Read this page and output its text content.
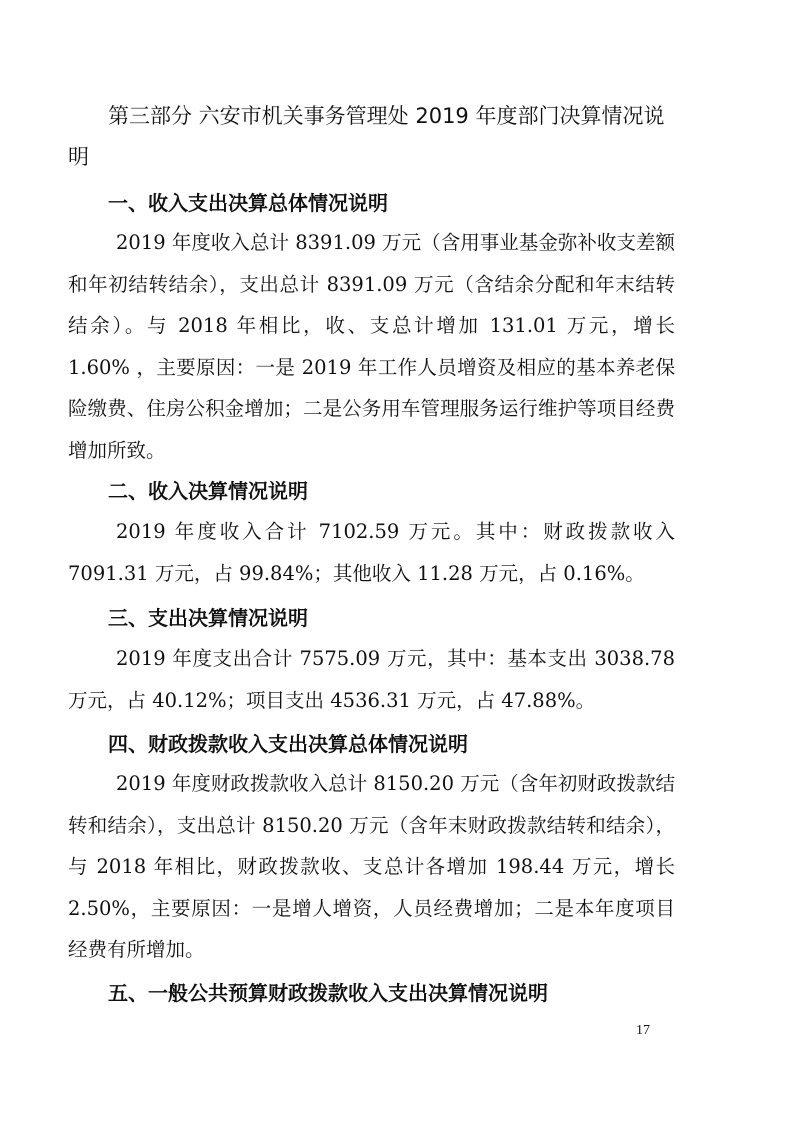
第三部分 六安市机关事务管理处 2019 年度部门决算情况说明
一、收入支出决算总体情况说明

2019 年度收入总计 8391.09 万元（含用事业基金弥补收支差额和年初结转结余），支出总计 8391.09 万元（含结余分配和年末结转结余）。与 2018 年相比，收、支总计增加 131.01 万元，增长 1.60% ，主要原因：一是 2019 年工作人员增资及相应的基本养老保险缴费、住房公积金增加；二是公务用车管理服务运行维护等项目经费增加所致。

二、收入决算情况说明

2019 年度收入合计 7102.59 万元。其中：财政拨款收入 7091.31 万元，占 99.84%；其他收入 11.28 万元，占 0.16%。

三、支出决算情况说明

2019 年度支出合计 7575.09 万元，其中：基本支出 3038.78 万元，占 40.12%；项目支出 4536.31 万元，占 47.88%。

四、财政拨款收入支出决算总体情况说明

2019 年度财政拨款收入总计 8150.20 万元（含年初财政拨款结转和结余），支出总计 8150.20 万元（含年末财政拨款结转和结余），与 2018 年相比，财政拨款收、支总计各增加 198.44 万元，增长 2.50%，主要原因：一是增人增资，人员经费增加；二是本年度项目经费有所增加。

五、一般公共预算财政拨款收入支出决算情况说明
17
